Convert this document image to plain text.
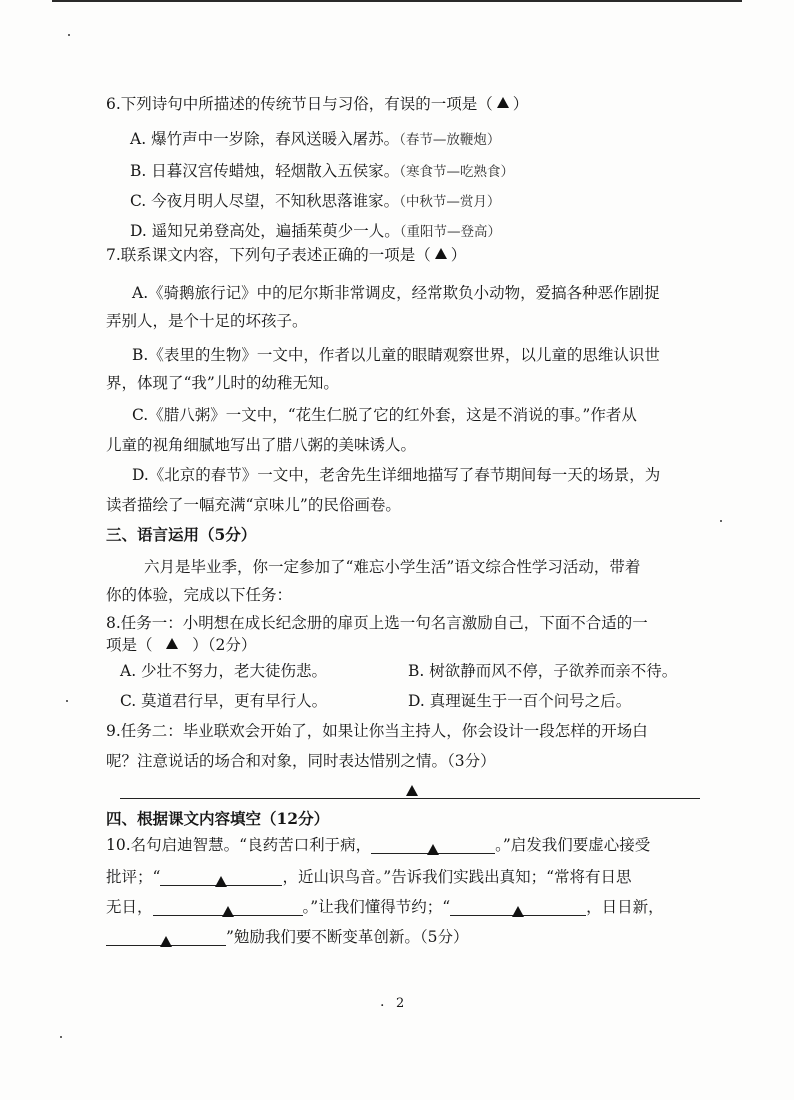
6.下列诗句中所描述的传统节日与习俗，有误的一项是（ ）
A. 爆竹声中一岁除，春风送暖入屠苏。（春节—放鞭炮）
B. 日暮汉宫传蜡烛，轻烟散入五侯家。（寒食节—吃熟食）
C. 今夜月明人尽望，不知秋思落谁家。（中秋节—赏月）
D. 遥知兄弟登高处，遍插茱萸少一人。（重阳节—登高）
7.联系课文内容，下列句子表述正确的一项是（ ）
A.《骑鹅旅行记》中的尼尔斯非常调皮，经常欺负小动物，爱搞各种恶作剧捉
弄别人，是个十足的坏孩子。
B.《表里的生物》一文中，作者以儿童的眼睛观察世界，以儿童的思维认识世
界，体现了“我”儿时的幼稚无知。
C.《腊八粥》一文中，“花生仁脱了它的红外套，这是不消说的事。”作者从
儿童的视角细腻地写出了腊八粥的美味诱人。
D.《北京的春节》一文中，老舍先生详细地描写了春节期间每一天的场景，为
读者描绘了一幅充满“京味儿”的民俗画卷。
三、语言运用（5分）
六月是毕业季，你一定参加了“难忘小学生活”语文综合性学习活动，带着
你的体验，完成以下任务：
8.任务一：小明想在成长纪念册的扉页上选一句名言激励自己，下面不合适的一
项是（	）（2分）
A. 少壮不努力，老大徒伤悲。	B. 树欲静而风不停，子欲养而亲不待。
C. 莫道君行早，更有早行人。	D. 真理诞生于一百个问号之后。
9.任务二：毕业联欢会开始了，如果让你当主持人，你会设计一段怎样的开场白
呢？注意说话的场合和对象，同时表达惜别之情。（3分）
四、根据课文内容填空（12分）
10.名句启迪智慧。“良药苦口利于病，	。”启发我们要虚心接受
批评；“	，近山识鸟音。”告诉我们实践出真知；“常将有日思
无日，	。”让我们懂得节约；“	，日日新，
”勉励我们要不断变革创新。（5分）
. 2
